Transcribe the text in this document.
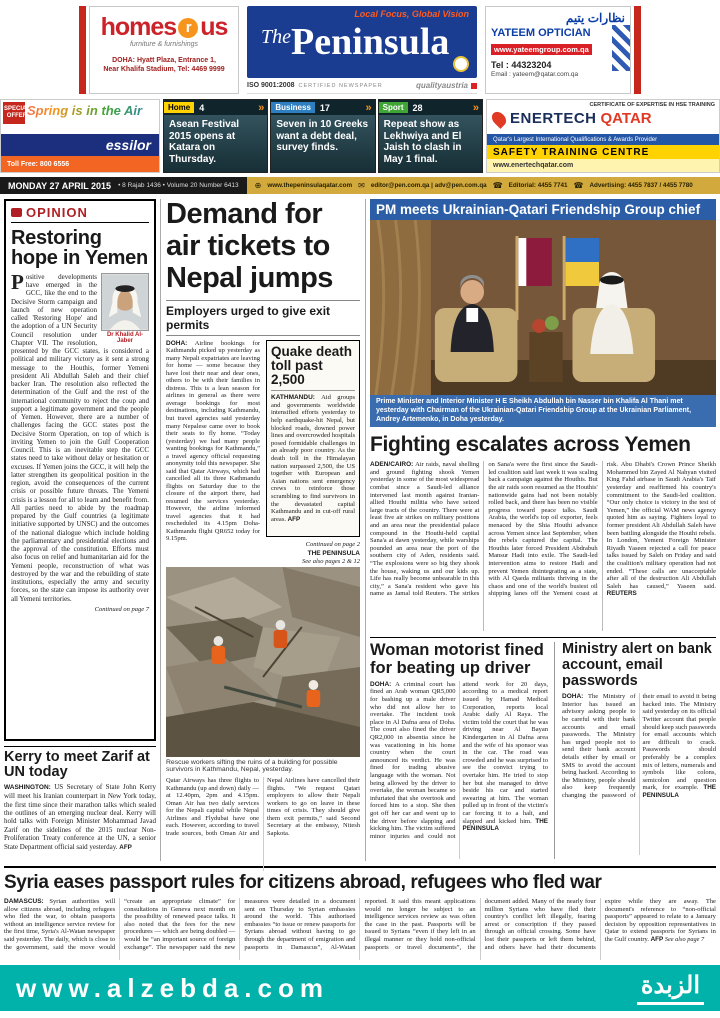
homes r us
furniture & furnishings
DOHA: Hyatt Plaza, Entrance 1,
Near Khalifa Stadium, Tel: 4469 9999
Local Focus, Global Vision
The Peninsula
ISO 9001:2008 CERTIFIED NEWSPAPER	qualityaustria
نظارات يتيم
YATEEM OPTICIAN
www.yateemgroup.com.qa
Tel : 44323204
Email : yateem@qatar.com.qa
SPECIAL OFFER Spring is in the Air
essilor
Toll Free: 800 6556
Home	4	»
Asean Festival 2015 opens at Katara on Thursday.
Business	17	»
Seven in 10 Greeks want a debt deal, survey finds.
Sport	28	»
Repeat show as Lekhwiya and El Jaish to clash in May 1 final.
CERTIFICATE OF EXPERTISE IN HSE TRAINING
ENERTECH QATAR
Qatar's Largest International Qualifications & Awards Provider
SAFETY TRAINING CENTRE
www.enertechqatar.com
MONDAY 27 APRIL 2015 • 8 Rajab 1436 • Volume 20 Number 6413 ⊕ www.thepeninsulaqatar.com ✉ editor@pen.com.qa | adv@pen.com.qa ☎ Editorial: 4455 7741 ☎ Advertising: 4455 7837 / 4455 7780
OPINION
Restoring hope in Yemen
Dr Khalid Al-Jaber
Positive developments have emerged in the GCC, like the end to the Decisive Storm campaign and launch of new operation called 'Restoring Hope' and the adoption of a UN Security Council resolution under Chapter VII. The resolution, presented by the GCC states, is considered a political and military victory as it sent a strong message to the Houthis, former Yemeni president Ali Abdullah Saleh and their chief backer Iran. The resolution also reflected the determination of the Gulf and the rest of the international community to reject the coup and support a legitimate government and the people of Yemen. However, there are a number of challenges facing the GCC states post the Decisive Storm Operation, on top of which is inviting Yemen to join the Gulf Cooperation Council. This is an inevitable step the GCC states need to take without delay or hesitation or excuses. If Yemen joins the GCC, it will help the latter strengthen its geopolitical position in the region, avoid the consequences of the current crisis or possible future threats. The Yemeni crisis is a lesson for all to learn and benefit from. All parties need to abide by the roadmap prepared by the Gulf countries (a legitimate initiative supported by UNSC) and the outcomes of the national dialogue which include holding the parliamentary and presidential elections and the approval of the constitution. Efforts must also focus on relief and humanitarian aid for the Yemeni people, reconstruction of what was destroyed by the war and the rebuilding of state institutions, especially the army and security forces, so the state can impose its authority over all Yemeni territories.
Continued on page 7
Kerry to meet Zarif at UN today
WASHINGTON: US Secretary of State John Kerry will meet his Iranian counterpart in New York today, the first time since their marathon talks which sealed the outlines of an emerging nuclear deal. Kerry will hold talks with Foreign Minister Mohammad Javad Zarif on the sidelines of the 2015 nuclear Non-Proliferation Treaty conference at the UN, a senior State Department official said yesterday. AFP
Demand for
air tickets to
Nepal jumps
Employers urged to give exit permits
DOHA: Airline bookings for Kathmandu picked up yesterday as many Nepali expatriates are leaving for home — some because they have lost their near and dear ones, others to be with their families in distress. This is a lean season for airlines in general as there were average bookings for most destinations, including Kathmandu, but travel agencies said yesterday many Nepalese came over to book their seats to fly home. “Today (yesterday) we had many people wanting bookings for Kathmandu,” a travel agency official requesting anonymity told this newspaper. She said that Qatar Airways, which had cancelled all its three Kathmandu flights on Saturday due to the closure of the airport there, had resumed the services yesterday. However, the airline informed travel agencies that it had rescheduled its 4.15pm Doha-Kathmandu flight QR652 today for 9.15pm.
Quake death toll past 2,500
KATHMANDU: Aid groups and governments worldwide intensified efforts yesterday to help earthquake-hit Nepal, but blocked roads, downed power lines and overcrowded hospitals posed formidable challenges in an already poor country. As the death toll in the Himalayan nation surpassed 2,500, the US together with European and Asian nations sent emergency crews to reinforce those scrambling to find survivors in the devastated capital Kathmandu and in cut-off rural areas. AFP
Continued on page 2
THE PENINSULA
See also pages 2 & 12
Rescue workers sifting the ruins of a building for possible survivors in Kathmandu, Nepal, yesterday.
Qatar Airways has three flights to Kathmandu (up and down) daily — at 12.40pm, 2pm and 4.15pm. Oman Air has two daily services for the Nepali capital while Nepal Airlines and Flydubai have one each. However, according to travel trade sources, both Oman Air and Nepal Airlines have cancelled their flights. “We request Qatari employers to allow their Nepali workers to go on leave in these times of crisis. They should give them exit permits,” said Second Secretary at the embassy, Nitesh Sapkota.
PM meets Ukrainian-Qatari Friendship Group chief
Prime Minister and Interior Minister H E Sheikh Abdullah bin Nasser bin Khalifa Al Thani met yesterday with Chairman of the Ukrainian-Qatari Friendship Group at the Ukrainian Parliament, Andrey Artemenko, in Doha yesterday.
Fighting escalates across Yemen
ADEN/CAIRO: Air raids, naval shelling and ground fighting shook Yemen yesterday in some of the most widespread combat since a Saudi-led alliance intervened last month against Iranian-allied Houthi militia who have seized large tracts of the country. There were at least five air strikes on military positions and an area near the presidential palace compound in the Houthi-held capital Sana'a at dawn yesterday, while warships pounded an area near the port of the southern city of Aden, residents said. “The explosions were so big they shook the house, waking us and our kids up. Life has really become unbearable in this city,” a Sana'a resident who gave his name as Jamal told Reuters. The strikes on Sana'a were the first since the Saudi-led coalition said last week it was scaling back a campaign against the Houthis. But the air raids soon resumed as the Houthis' nationwide gains had not been notably rolled back, and there has been no visible progress toward peace talks. Saudi Arabia, the world's top oil exporter, feels menaced by the Shia Houthi advance across Yemen since last September, when the rebels captured the capital. The Houthis later forced President Abdrabuh Mansur Hadi into exile. The Saudi-led intervention aims to restore Hadi and prevent Yemen disintegrating as a state, with Al Qaeda militants thriving in the chaos and one of the world's busiest oil shipping lanes off the Yemeni coast at risk. Abu Dhabi's Crown Prince Sheikh Mohammed bin Zayed Al Nahyan visited King Fahd airbase in Saudi Arabia's Taif yesterday and reaffirmed his country's commitment to the Saudi-led coalition. “Our only choice is victory in the test of Yemen,” the official WAM news agency quoted him as saying. Fighters loyal to former president Ali Abdullah Saleh have been battling alongside the Houthi rebels. In London, Yemeni Foreign Minister Riyadh Yaseen rejected a call for peace talks issued by Saleh on Friday and said the coalition's military operation had not ended. “These calls are unacceptable after all of the destruction Ali Abdullah Saleh has caused,” Yaseen said. REUTERS
Woman motorist fined for beating up driver
DOHA: A criminal court has fined an Arab woman QR5,000 for bashing up a male driver who did not allow her to overtake. The incident took place in Al Dafna area of Doha. The court also fined the driver QR2,000 in absentia since he was vacationing in his home country when the court announced its verdict. He was fined for trading abusive language with the woman. Not being allowed by the driver to overtake, the woman became so infuriated that she overtook and forced him to a stop. She then got off her car and went up to the driver before slapping and kicking him. The victim suffered minor injuries and could not attend work for 20 days, according to a medical report issued by Hamad Medical Corporation, reports local Arabic daily Al Raya. The victim told the court that he was driving near Al Bayan Kindergarten in Al Dafna area and the wife of his sponsor was in the car. The road was crowded and he was surprised to see the convict trying to overtake him. He tried to stop her but she managed to drive beside his car and started swearing at him. The woman pulled up in front of the victim's car forcing it to a halt, and slapped and kicked him. THE PENINSULA
Ministry alert on bank account, email passwords
DOHA: The Ministry of Interior has issued an advisory asking people to be careful with their bank accounts and email passwords. The Ministry has urged people not to send their bank account details either by email or SMS to avoid the account being hacked. According to the Ministry, people should also keep frequently changing the password of their email to avoid it being hacked into. The Ministry said yesterday on its official Twitter account that people should keep such passwords for email accounts which are difficult to crack. Passwords should preferably be a complex mix of letters, numerals and symbols like colons, semicolon and question mark, for example. THE PENINSULA
Syria eases passport rules for citizens abroad, refugees who fled war
DAMASCUS: Syrian authorities will allow citizens abroad, including refugees who fled the war, to obtain passports without an intelligence service review for the first time, Syria's Al-Watan newspaper said yesterday. The daily, which is close to the government, said the move would “create an appropriate climate” for consultations in Geneva next month on the possibility of renewed peace talks. It also noted that the fees for the new procedures — which are being doubled — would be “an important source of foreign exchange”. The newspaper said the new measures were detailed in a document sent on Thursday to Syrian embassies around the world. This authorised embassies “to issue or renew passports for Syrians abroad without having to go through the department of emigration and passports in Damascus”, Al-Watan reported. It said this meant applications would no longer be subject to an intelligence services review as was often the case in the past. Passports will be issued to Syrians “even if they left in an illegal manner or they hold non-official passports or travel documents”, the document added. Many of the nearly four million Syrians who have fled their country's conflict left illegally, fearing arrest or conscription if they passed through an official crossing. Some have lost their passports or left them behind, and others have had their documents expire while they are away. The document's reference to “non-official passports” appeared to relate to a January decision by opposition representatives in Qatar to extend passports for Syrians in the Gulf country. AFP See also page 7
www.alzebda.com	الزبدة
